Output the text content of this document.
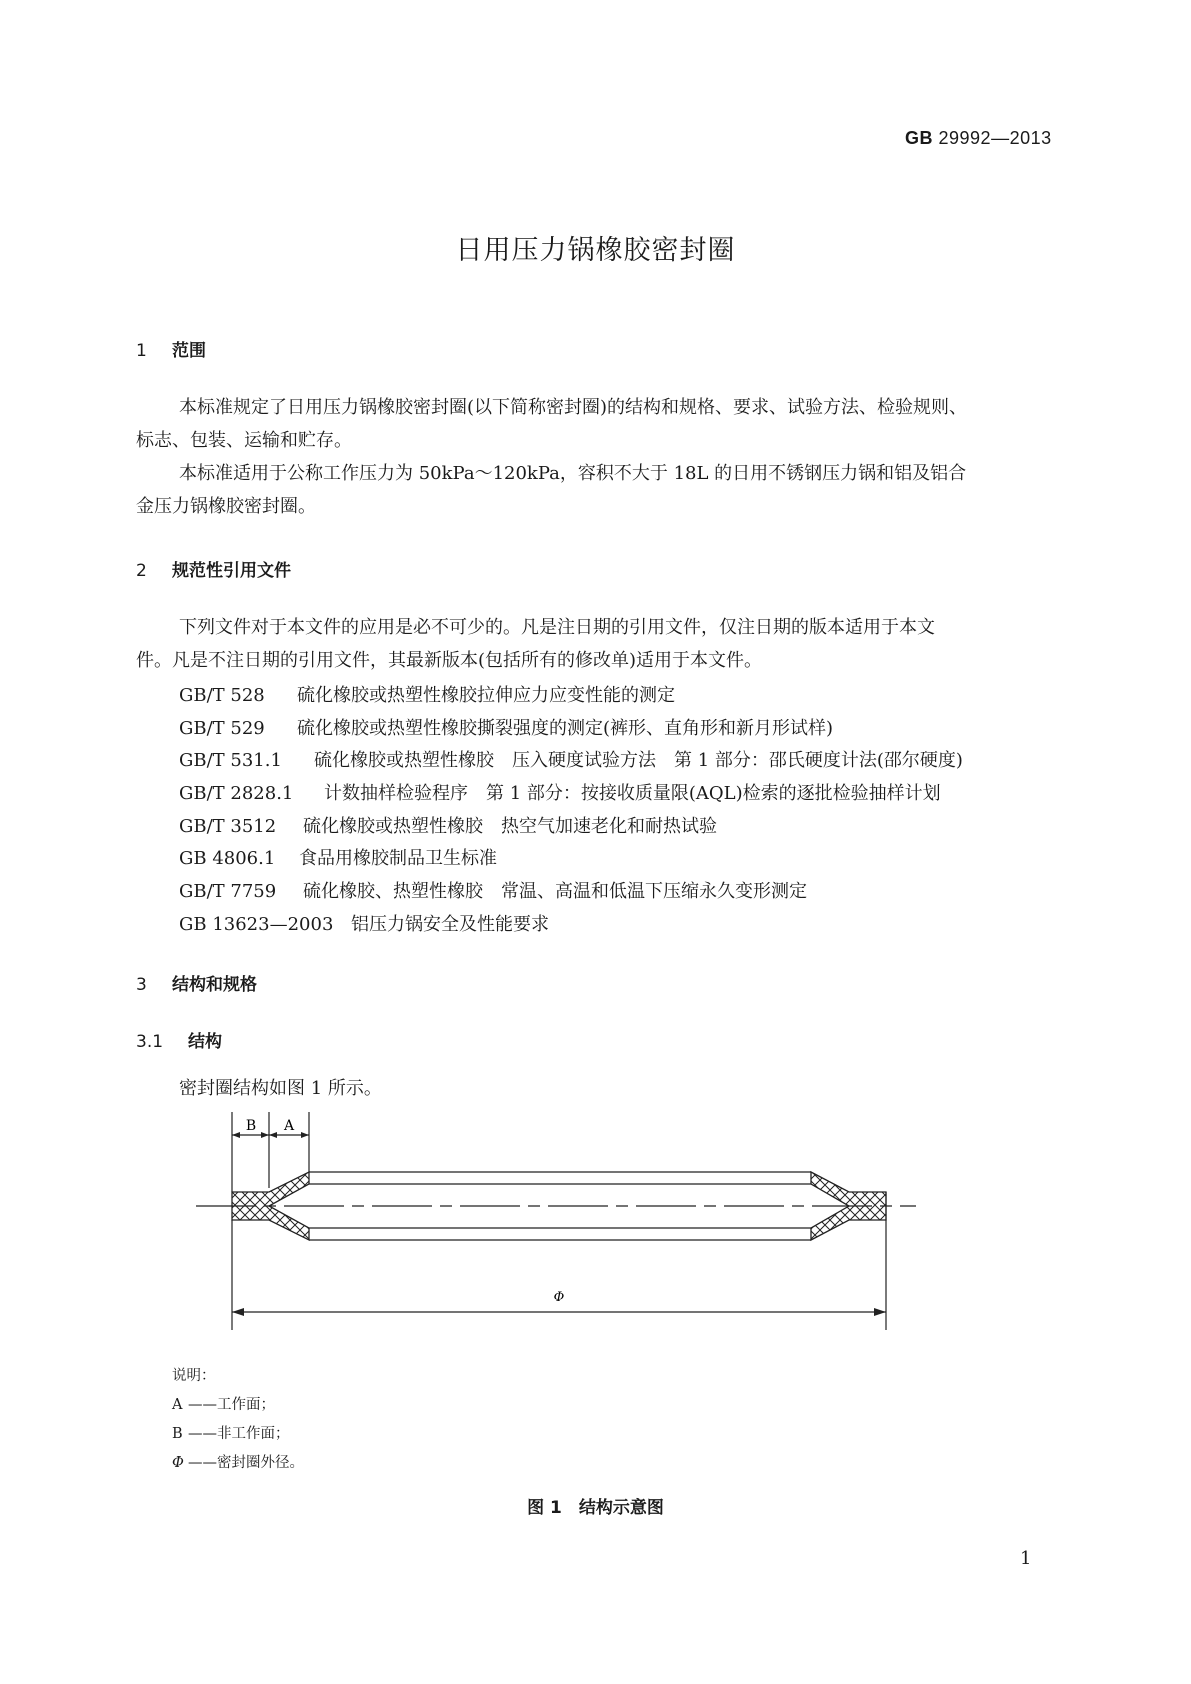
GB 29992—2013
日用压力锅橡胶密封圈
1 范围
本标准规定了日用压力锅橡胶密封圈(以下简称密封圈)的结构和规格、要求、试验方法、检验规则、
标志、包装、运输和贮存。
本标准适用于公称工作压力为 50kPa～120kPa，容积不大于 18L 的日用不锈钢压力锅和铝及铝合
金压力锅橡胶密封圈。
2 规范性引用文件
下列文件对于本文件的应用是必不可少的。凡是注日期的引用文件，仅注日期的版本适用于本文
件。凡是不注日期的引用文件，其最新版本(包括所有的修改单)适用于本文件。
GB/T 528 硫化橡胶或热塑性橡胶拉伸应力应变性能的测定
GB/T 529 硫化橡胶或热塑性橡胶撕裂强度的测定(裤形、直角形和新月形试样)
GB/T 531.1 硫化橡胶或热塑性橡胶　压入硬度试验方法　第 1 部分：邵氏硬度计法(邵尔硬度)
GB/T 2828.1 计数抽样检验程序　第 1 部分：按接收质量限(AQL)检索的逐批检验抽样计划
GB/T 3512 硫化橡胶或热塑性橡胶　热空气加速老化和耐热试验
GB 4806.1 食品用橡胶制品卫生标准
GB/T 7759 硫化橡胶、热塑性橡胶　常温、高温和低温下压缩永久变形测定
GB 13623—2003 铝压力锅安全及性能要求
3 结构和规格
3.1 结构
密封圈结构如图 1 所示。
B A
Φ
说明：
A ——工作面；
B ——非工作面；
Φ ——密封圈外径。
图 1　结构示意图
1
